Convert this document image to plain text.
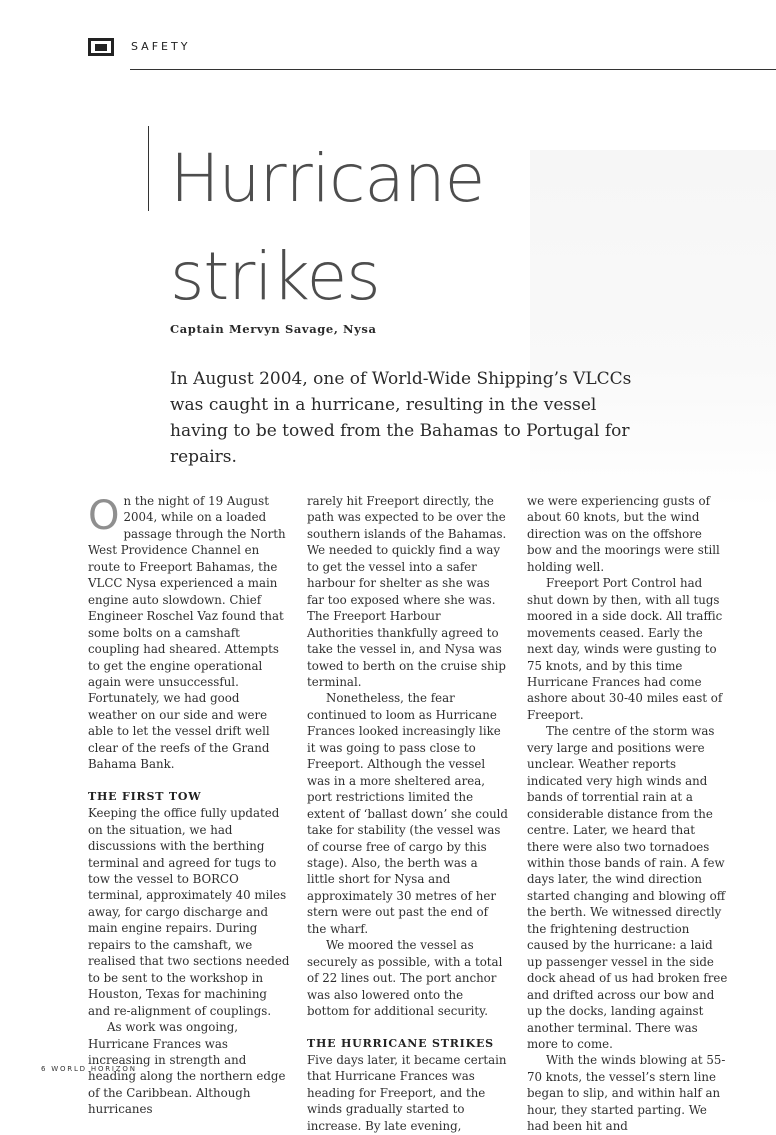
SAFETY
Hurricane
strikes
Captain Mervyn Savage, Nysa
In August 2004, one of World-Wide Shipping’s VLCCs was caught in a hurricane, resulting in the vessel having to be towed from the Bahamas to Portugal for repairs.

On the night of 19 August 2004, while on a loaded passage through the North West Providence Channel en route to Freeport Bahamas, the VLCC Nysa experienced a main engine auto slowdown. Chief Engineer Roschel Vaz found that some bolts on a camshaft coupling had sheared. Attempts to get the engine operational again were unsuccessful. Fortunately, we had good weather on our side and were able to let the vessel drift well clear of the reefs of the Grand Bahama Bank.

THE FIRST TOW

Keeping the office fully updated on the situation, we had discussions with the berthing terminal and agreed for tugs to tow the vessel to BORCO terminal, approximately 40 miles away, for cargo discharge and main engine repairs. During repairs to the camshaft, we realised that two sections needed to be sent to the workshop in Houston, Texas for machining and re-alignment of couplings.

As work was ongoing, Hurricane Frances was increasing in strength and heading along the northern edge of the Caribbean. Although hurricanes

rarely hit Freeport directly, the path was expected to be over the southern islands of the Bahamas. We needed to quickly find a way to get the vessel into a safer harbour for shelter as she was far too exposed where she was. The Freeport Harbour Authorities thankfully agreed to take the vessel in, and Nysa was towed to berth on the cruise ship terminal.

Nonetheless, the fear continued to loom as Hurricane Frances looked increasingly like it was going to pass close to Freeport. Although the vessel was in a more sheltered area, port restrictions limited the extent of ‘ballast down’ she could take for stability (the vessel was of course free of cargo by this stage). Also, the berth was a little short for Nysa and approximately 30 metres of her stern were out past the end of the wharf.

We moored the vessel as securely as possible, with a total of 22 lines out. The port anchor was also lowered onto the bottom for additional security.

THE HURRICANE STRIKES

Five days later, it became certain that Hurricane Frances was heading for Freeport, and the winds gradually started to increase. By late evening,

we were experiencing gusts of about 60 knots, but the wind direction was on the offshore bow and the moorings were still holding well.

Freeport Port Control had shut down by then, with all tugs moored in a side dock. All traffic movements ceased. Early the next day, winds were gusting to 75 knots, and by this time Hurricane Frances had come ashore about 30-40 miles east of Freeport.

The centre of the storm was very large and positions were unclear. Weather reports indicated very high winds and bands of torrential rain at a considerable distance from the centre. Later, we heard that there were also two tornadoes within those bands of rain. A few days later, the wind direction started changing and blowing off the berth. We witnessed directly the frightening destruction caused by the hurricane: a laid up passenger vessel in the side dock ahead of us had broken free and drifted across our bow and up the docks, landing against another terminal. There was more to come.

With the winds blowing at 55-70 knots, the vessel’s stern line began to slip, and within half an hour, they started parting. We had been hit and

6 WORLD HORIZON
